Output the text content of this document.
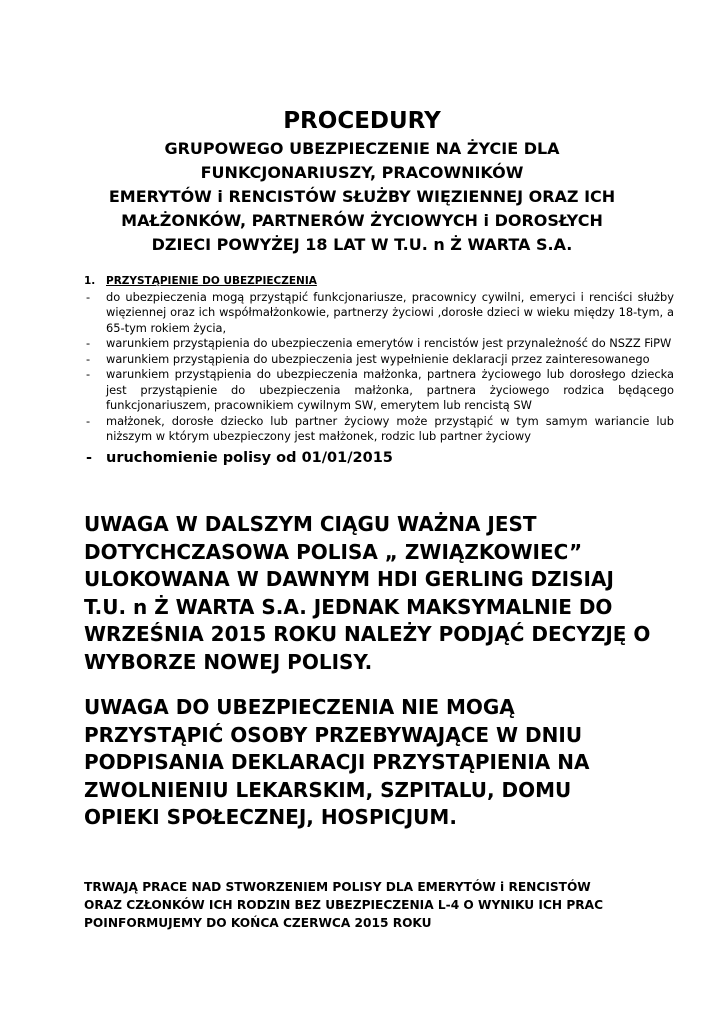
PROCEDURY
GRUPOWEGO UBEZPIECZENIE NA ŻYCIE DLA
FUNKCJONARIUSZY, PRACOWNIKÓW
EMERYTÓW i RENCISTÓW SŁUŻBY WIĘZIENNEJ ORAZ ICH
MAŁŻONKÓW, PARTNERÓW ŻYCIOWYCH i DOROSŁYCH
DZIECI POWYŻEJ 18 LAT W T.U. n Ż WARTA S.A.
1. PRZYSTĄPIENIE DO UBEZPIECZENIA
- do ubezpieczenia mogą przystąpić funkcjonariusze, pracownicy cywilni, emeryci i renciści służby więziennej oraz ich współmałżonkowie, partnerzy życiowi ,dorosłe dzieci w wieku między 18-tym, a 65-tym rokiem życia,
- warunkiem przystąpienia do ubezpieczenia emerytów i rencistów jest przynależność do NSZZ FiPW
- warunkiem przystąpienia do ubezpieczenia jest wypełnienie deklaracji przez zainteresowanego
- warunkiem przystąpienia do ubezpieczenia małżonka, partnera życiowego lub dorosłego dziecka jest przystąpienie do ubezpieczenia małżonka, partnera życiowego rodzica będącego funkcjonariuszem, pracownikiem cywilnym SW, emerytem lub rencistą SW
- małżonek, dorosłe dziecko lub partner życiowy może przystąpić w tym samym wariancie lub niższym w którym ubezpieczony jest małżonek, rodzic lub partner życiowy
- uruchomienie polisy od 01/01/2015
UWAGA W DALSZYM CIĄGU WAŻNA JEST
DOTYCHCZASOWA POLISA „ ZWIĄZKOWIEC”
ULOKOWANA W DAWNYM HDI GERLING DZISIAJ
T.U. n Ż WARTA S.A. JEDNAK MAKSYMALNIE DO
WRZEŚNIA 2015 ROKU NALEŻY PODJĄĆ DECYZJĘ O
WYBORZE NOWEJ POLISY.
UWAGA DO UBEZPIECZENIA NIE MOGĄ
PRZYSTĄPIĆ OSOBY PRZEBYWAJĄCE W DNIU
PODPISANIA DEKLARACJI PRZYSTĄPIENIA NA
ZWOLNIENIU LEKARSKIM, SZPITALU, DOMU
OPIEKI SPOŁECZNEJ, HOSPICJUM.
TRWAJĄ PRACE NAD STWORZENIEM POLISY DLA EMERYTÓW i RENCISTÓW
ORAZ CZŁONKÓW ICH RODZIN BEZ UBEZPIECZENIA L-4 O WYNIKU ICH PRAC
POINFORMUJEMY DO KOŃCA CZERWCA 2015 ROKU
